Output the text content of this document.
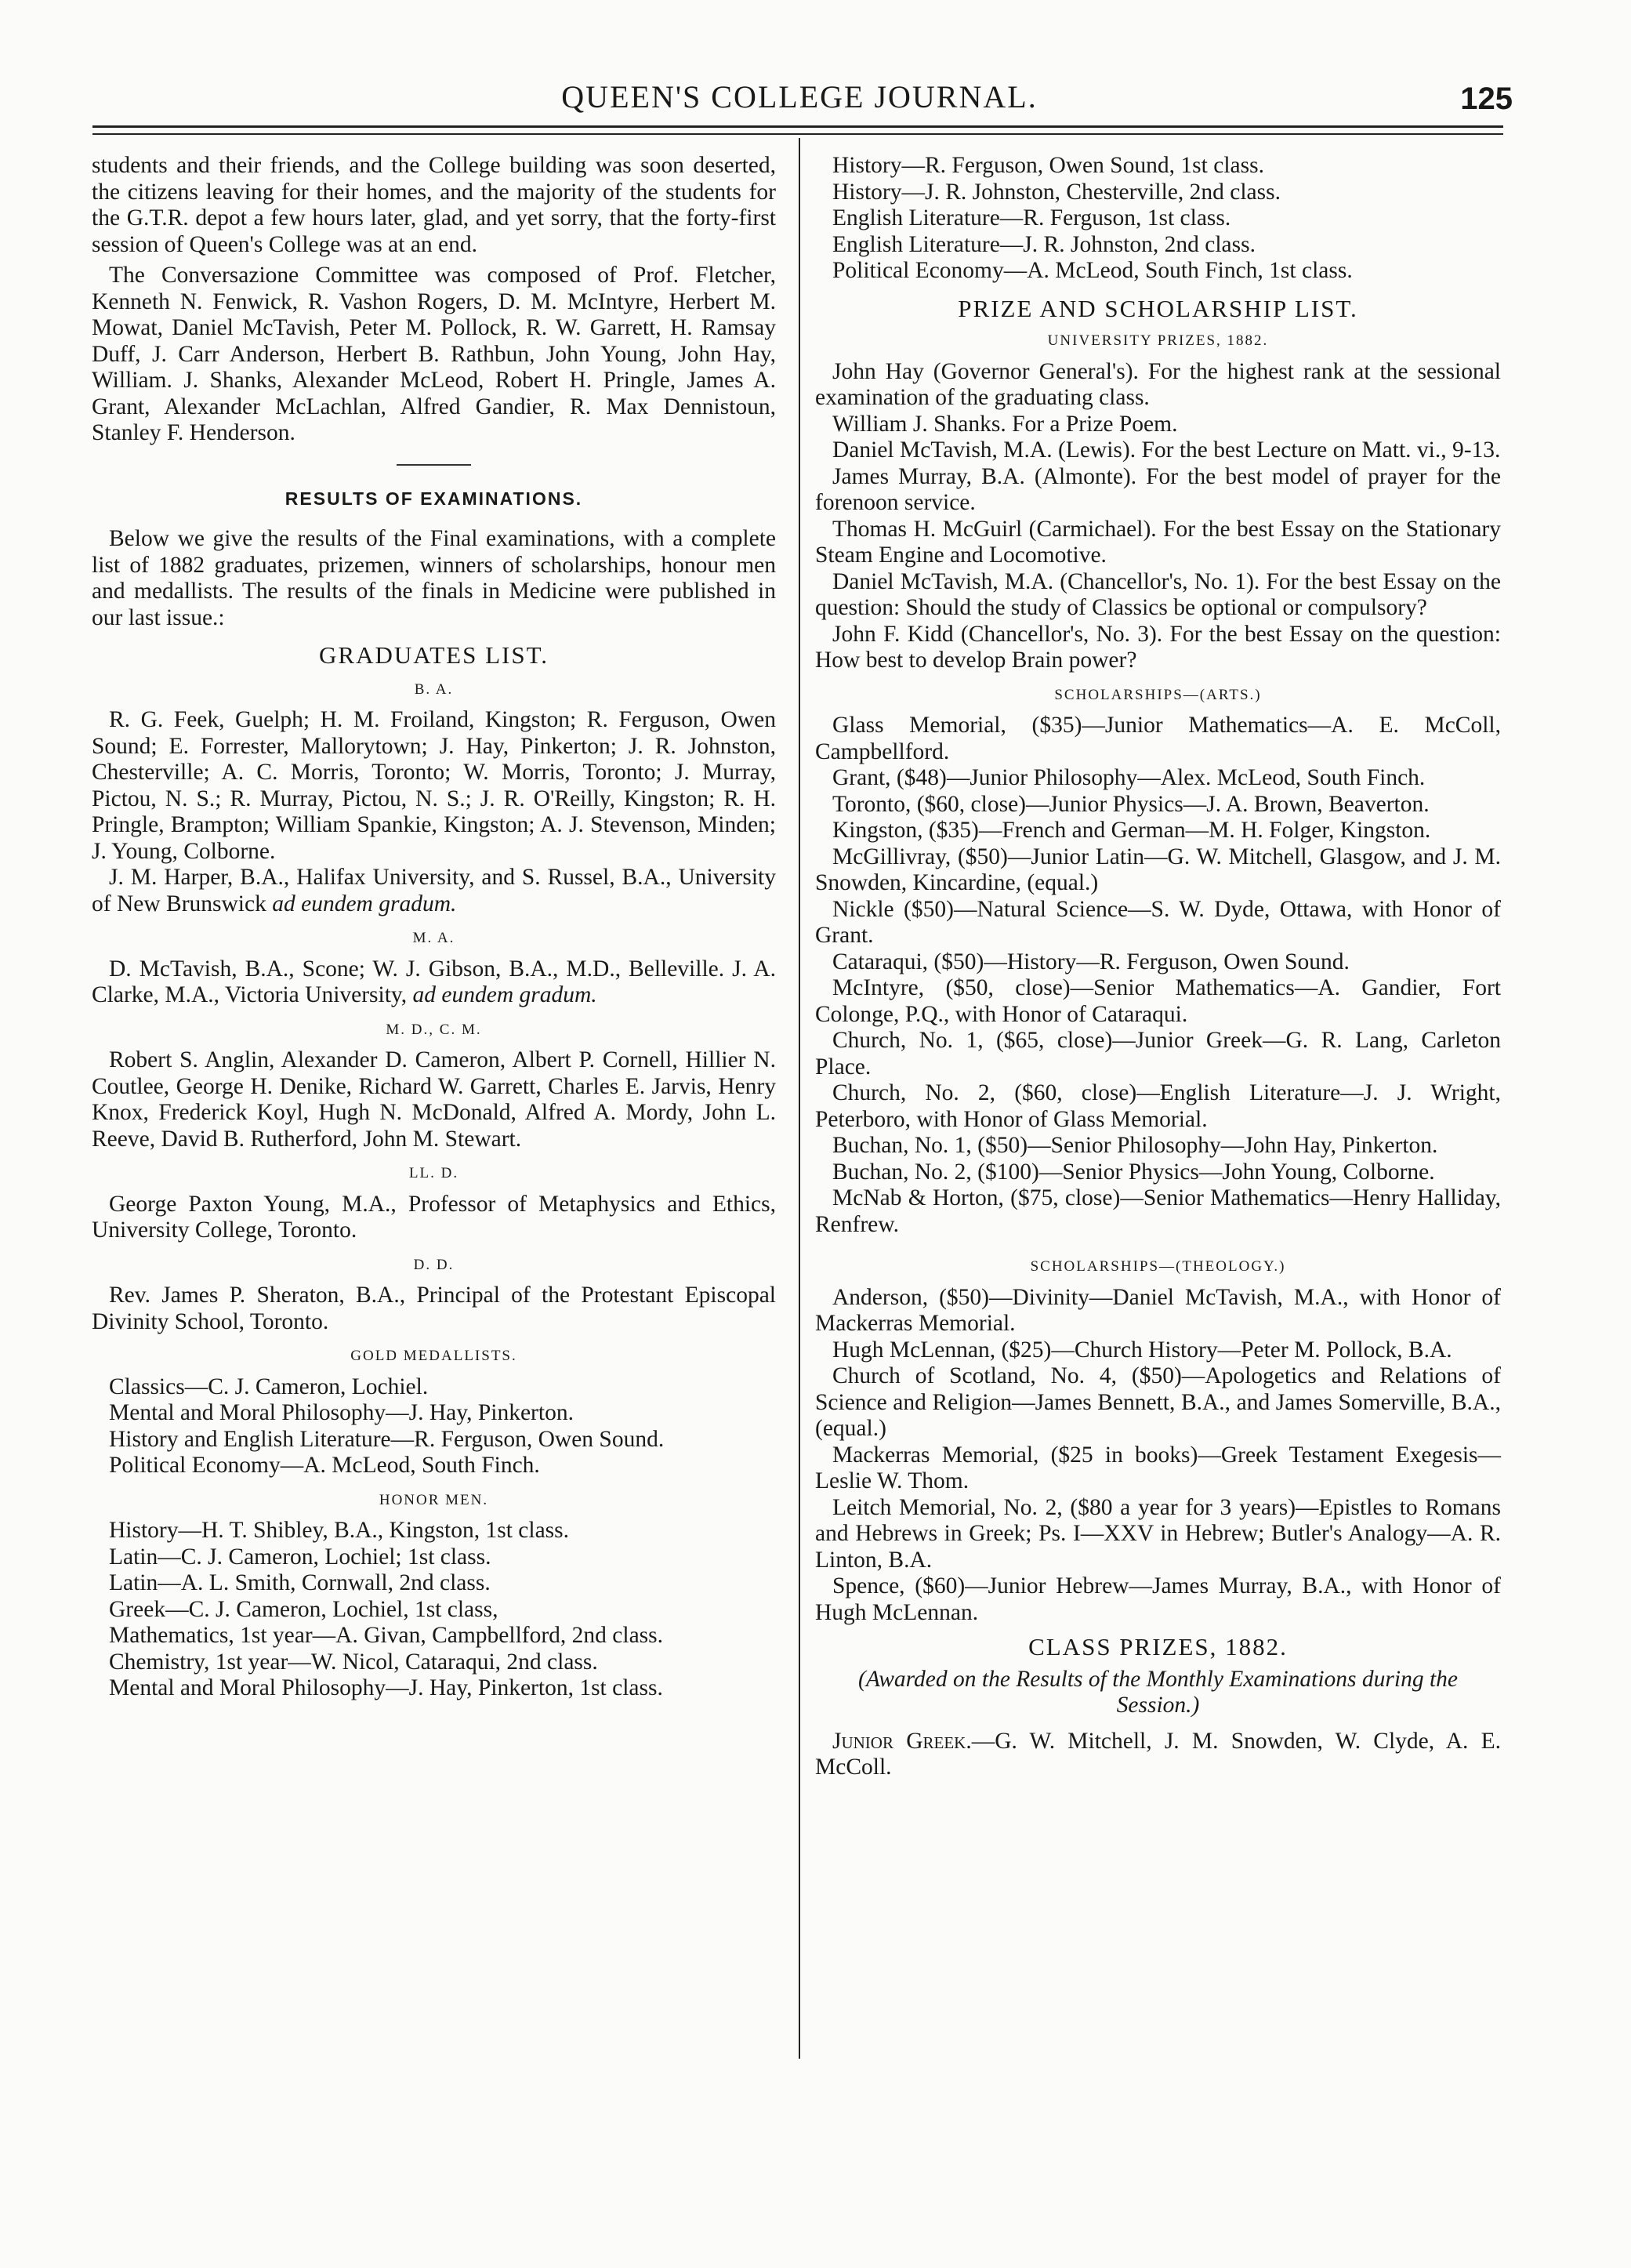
QUEEN'S COLLEGE JOURNAL.	125

students and their friends, and the College building was soon deserted, the citizens leaving for their homes, and the majority of the students for the G.T.R. depot a few hours later, glad, and yet sorry, that the forty-first session of Queen's College was at an end.

The Conversazione Committee was composed of Prof. Fletcher, Kenneth N. Fenwick, R. Vashon Rogers, D. M. McIntyre, Herbert M. Mowat, Daniel McTavish, Peter M. Pollock, R. W. Garrett, H. Ramsay Duff, J. Carr Anderson, Herbert B. Rathbun, John Young, John Hay, William. J. Shanks, Alexander McLeod, Robert H. Pringle, James A. Grant, Alexander McLachlan, Alfred Gandier, R. Max Dennistoun, Stanley F. Henderson.

RESULTS OF EXAMINATIONS.

Below we give the results of the Final examinations, with a complete list of 1882 graduates, prizemen, winners of scholarships, honour men and medallists. The results of the finals in Medicine were published in our last issue.:

GRADUATES LIST.
B. A.

R. G. Feek, Guelph; H. M. Froiland, Kingston; R. Ferguson, Owen Sound; E. Forrester, Mallorytown; J. Hay, Pinkerton; J. R. Johnston, Chesterville; A. C. Morris, Toronto; W. Morris, Toronto; J. Murray, Pictou, N. S.; R. Murray, Pictou, N. S.; J. R. O'Reilly, Kingston; R. H. Pringle, Brampton; William Spankie, Kingston; A. J. Stevenson, Minden; J. Young, Colborne.

J. M. Harper, B.A., Halifax University, and S. Russel, B.A., University of New Brunswick ad eundem gradum.

M. A.

D. McTavish, B.A., Scone; W. J. Gibson, B.A., M.D., Belleville. J. A. Clarke, M.A., Victoria University, ad eundem gradum.

M. D., C. M.

Robert S. Anglin, Alexander D. Cameron, Albert P. Cornell, Hillier N. Coutlee, George H. Denike, Richard W. Garrett, Charles E. Jarvis, Henry Knox, Frederick Koyl, Hugh N. McDonald, Alfred A. Mordy, John L. Reeve, David B. Rutherford, John M. Stewart.

LL. D.

George Paxton Young, M.A., Professor of Metaphysics and Ethics, University College, Toronto.

D. D.

Rev. James P. Sheraton, B.A., Principal of the Protestant Episcopal Divinity School, Toronto.

GOLD MEDALLISTS.

Classics—C. J. Cameron, Lochiel.

Mental and Moral Philosophy—J. Hay, Pinkerton.

History and English Literature—R. Ferguson, Owen Sound.

Political Economy—A. McLeod, South Finch.

HONOR MEN.

History—H. T. Shibley, B.A., Kingston, 1st class.

Latin—C. J. Cameron, Lochiel; 1st class.

Latin—A. L. Smith, Cornwall, 2nd class.

Greek—C. J. Cameron, Lochiel, 1st class,

Mathematics, 1st year—A. Givan, Campbellford, 2nd class.

Chemistry, 1st year—W. Nicol, Cataraqui, 2nd class.

Mental and Moral Philosophy—J. Hay, Pinkerton, 1st class.

History—R. Ferguson, Owen Sound, 1st class.

History—J. R. Johnston, Chesterville, 2nd class.

English Literature—R. Ferguson, 1st class.

English Literature—J. R. Johnston, 2nd class.

Political Economy—A. McLeod, South Finch, 1st class.

PRIZE AND SCHOLARSHIP LIST.
UNIVERSITY PRIZES, 1882.

John Hay (Governor General's). For the highest rank at the sessional examination of the graduating class.

William J. Shanks. For a Prize Poem.

Daniel McTavish, M.A. (Lewis). For the best Lecture on Matt. vi., 9-13.

James Murray, B.A. (Almonte). For the best model of prayer for the forenoon service.

Thomas H. McGuirl (Carmichael). For the best Essay on the Stationary Steam Engine and Locomotive.

Daniel McTavish, M.A. (Chancellor's, No. 1). For the best Essay on the question: Should the study of Classics be optional or compulsory?

John F. Kidd (Chancellor's, No. 3). For the best Essay on the question: How best to develop Brain power?

SCHOLARSHIPS—(ARTS.)

Glass Memorial, ($35)—Junior Mathematics—A. E. McColl, Campbellford.

Grant, ($48)—Junior Philosophy—Alex. McLeod, South Finch.

Toronto, ($60, close)—Junior Physics—J. A. Brown, Beaverton.

Kingston, ($35)—French and German—M. H. Folger, Kingston.

McGillivray, ($50)—Junior Latin—G. W. Mitchell, Glasgow, and J. M. Snowden, Kincardine, (equal.)

Nickle ($50)—Natural Science—S. W. Dyde, Ottawa, with Honor of Grant.

Cataraqui, ($50)—History—R. Ferguson, Owen Sound.

McIntyre, ($50, close)—Senior Mathematics—A. Gandier, Fort Colonge, P.Q., with Honor of Cataraqui.

Church, No. 1, ($65, close)—Junior Greek—G. R. Lang, Carleton Place.

Church, No. 2, ($60, close)—English Literature—J. J. Wright, Peterboro, with Honor of Glass Memorial.

Buchan, No. 1, ($50)—Senior Philosophy—John Hay, Pinkerton.

Buchan, No. 2, ($100)—Senior Physics—John Young, Colborne.

McNab & Horton, ($75, close)—Senior Mathematics—Henry Halliday, Renfrew.

SCHOLARSHIPS—(THEOLOGY.)

Anderson, ($50)—Divinity—Daniel McTavish, M.A., with Honor of Mackerras Memorial.

Hugh McLennan, ($25)—Church History—Peter M. Pollock, B.A.

Church of Scotland, No. 4, ($50)—Apologetics and Relations of Science and Religion—James Bennett, B.A., and James Somerville, B.A., (equal.)

Mackerras Memorial, ($25 in books)—Greek Testament Exegesis—Leslie W. Thom.

Leitch Memorial, No. 2, ($80 a year for 3 years)—Epistles to Romans and Hebrews in Greek; Ps. I—XXV in Hebrew; Butler's Analogy—A. R. Linton, B.A.

Spence, ($60)—Junior Hebrew—James Murray, B.A., with Honor of Hugh McLennan.

CLASS PRIZES, 1882.

(Awarded on the Results of the Monthly Examinations during the Session.)

Junior Greek.—G. W. Mitchell, J. M. Snowden, W. Clyde, A. E. McColl.
